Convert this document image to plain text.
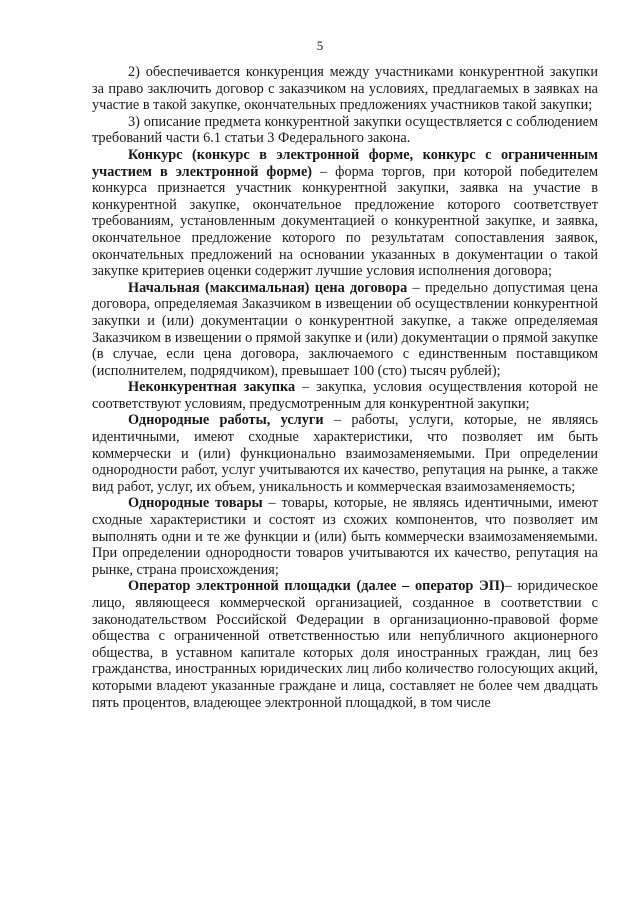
5

2) обеспечивается конкуренция между участниками конкурентной закупки за право заключить договор с заказчиком на условиях, предлагаемых в заявках на участие в такой закупке, окончательных предложениях участников такой закупки;

3) описание предмета конкурентной закупки осуществляется с соблюдением требований части 6.1 статьи 3 Федерального закона.

Конкурс (конкурс в электронной форме, конкурс с ограниченным участием в электронной форме) – форма торгов, при которой победителем конкурса признается участник конкурентной закупки, заявка на участие в конкурентной закупке, окончательное предложение которого соответствует требованиям, установленным документацией о конкурентной закупке, и заявка, окончательное предложение которого по результатам сопоставления заявок, окончательных предложений на основании указанных в документации о такой закупке критериев оценки содержит лучшие условия исполнения договора;

Начальная (максимальная) цена договора – предельно допустимая цена договора, определяемая Заказчиком в извещении об осуществлении конкурентной закупки и (или) документации о конкурентной закупке, а также определяемая Заказчиком в извещении о прямой закупке и (или) документации о прямой закупке (в случае, если цена договора, заключаемого с единственным поставщиком (исполнителем, подрядчиком), превышает 100 (сто) тысяч рублей);

Неконкурентная закупка – закупка, условия осуществления которой не соответствуют условиям, предусмотренным для конкурентной закупки;

Однородные работы, услуги – работы, услуги, которые, не являясь идентичными, имеют сходные характеристики, что позволяет им быть коммерчески и (или) функционально взаимозаменяемыми. При определении однородности работ, услуг учитываются их качество, репутация на рынке, а также вид работ, услуг, их объем, уникальность и коммерческая взаимозаменяемость;

Однородные товары – товары, которые, не являясь идентичными, имеют сходные характеристики и состоят из схожих компонентов, что позволяет им выполнять одни и те же функции и (или) быть коммерчески взаимозаменяемыми. При определении однородности товаров учитываются их качество, репутация на рынке, страна происхождения;

Оператор электронной площадки (далее – оператор ЭП)– юридическое лицо, являющееся коммерческой организацией, созданное в соответствии с законодательством Российской Федерации в организационно-правовой форме общества с ограниченной ответственностью или непубличного акционерного общества, в уставном капитале которых доля иностранных граждан, лиц без гражданства, иностранных юридических лиц либо количество голосующих акций, которыми владеют указанные граждане и лица, составляет не более чем двадцать пять процентов, владеющее электронной площадкой, в том числе
